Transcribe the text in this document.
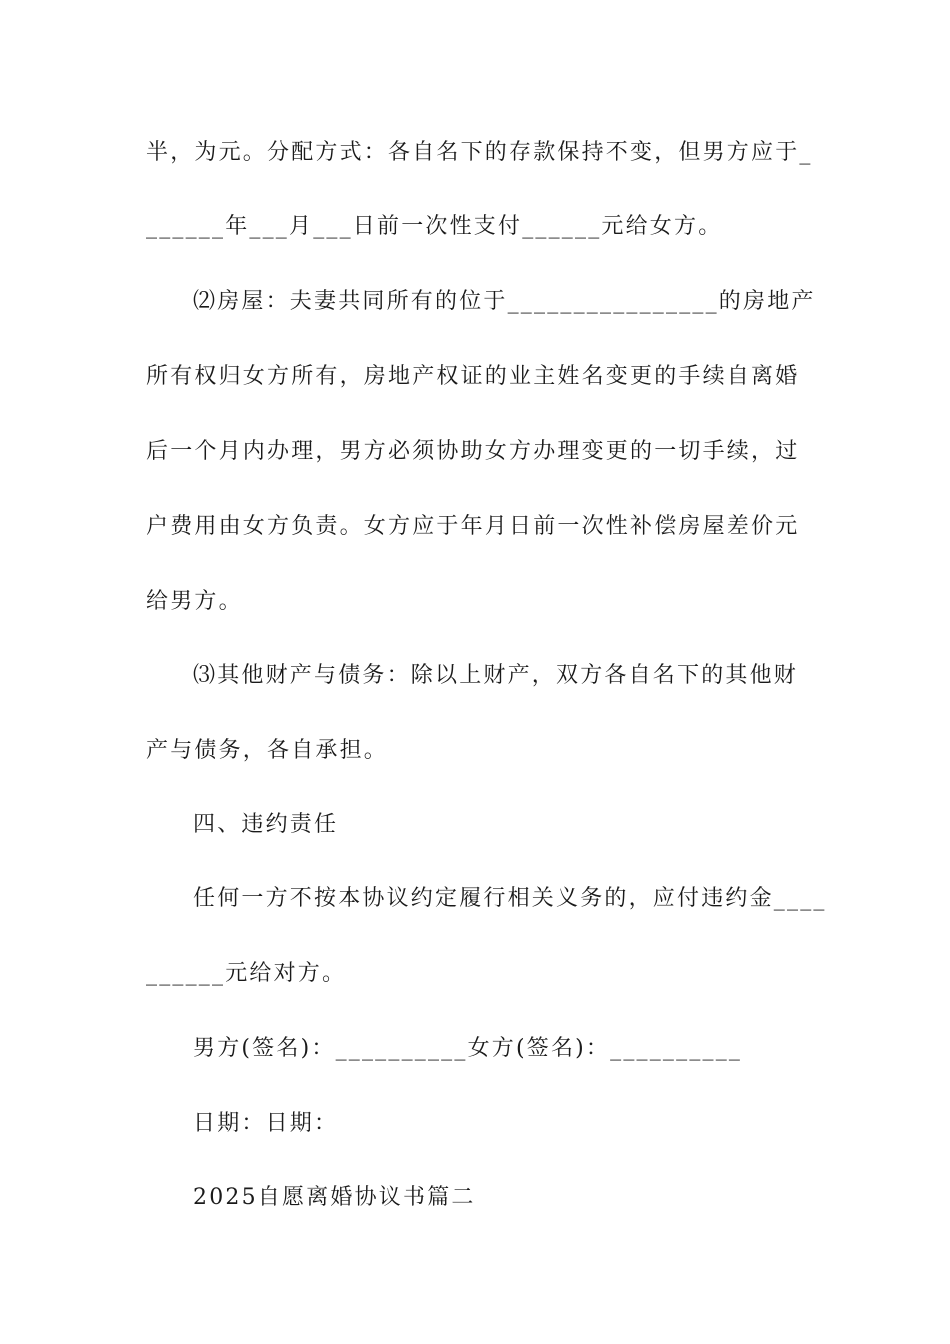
半，为元。分配方式：各自名下的存款保持不变，但男方应于_
______年___月___日前一次性支付______元给女方。
⑵房屋：夫妻共同所有的位于________________的房地产
所有权归女方所有，房地产权证的业主姓名变更的手续自离婚
后一个月内办理，男方必须协助女方办理变更的一切手续，过
户费用由女方负责。女方应于年月日前一次性补偿房屋差价元
给男方。
⑶其他财产与债务：除以上财产，双方各自名下的其他财
产与债务，各自承担。
四、违约责任
任何一方不按本协议约定履行相关义务的，应付违约金____
______元给对方。
男方(签名)：__________女方(签名)：__________
日期：日期：
2025自愿离婚协议书篇二
